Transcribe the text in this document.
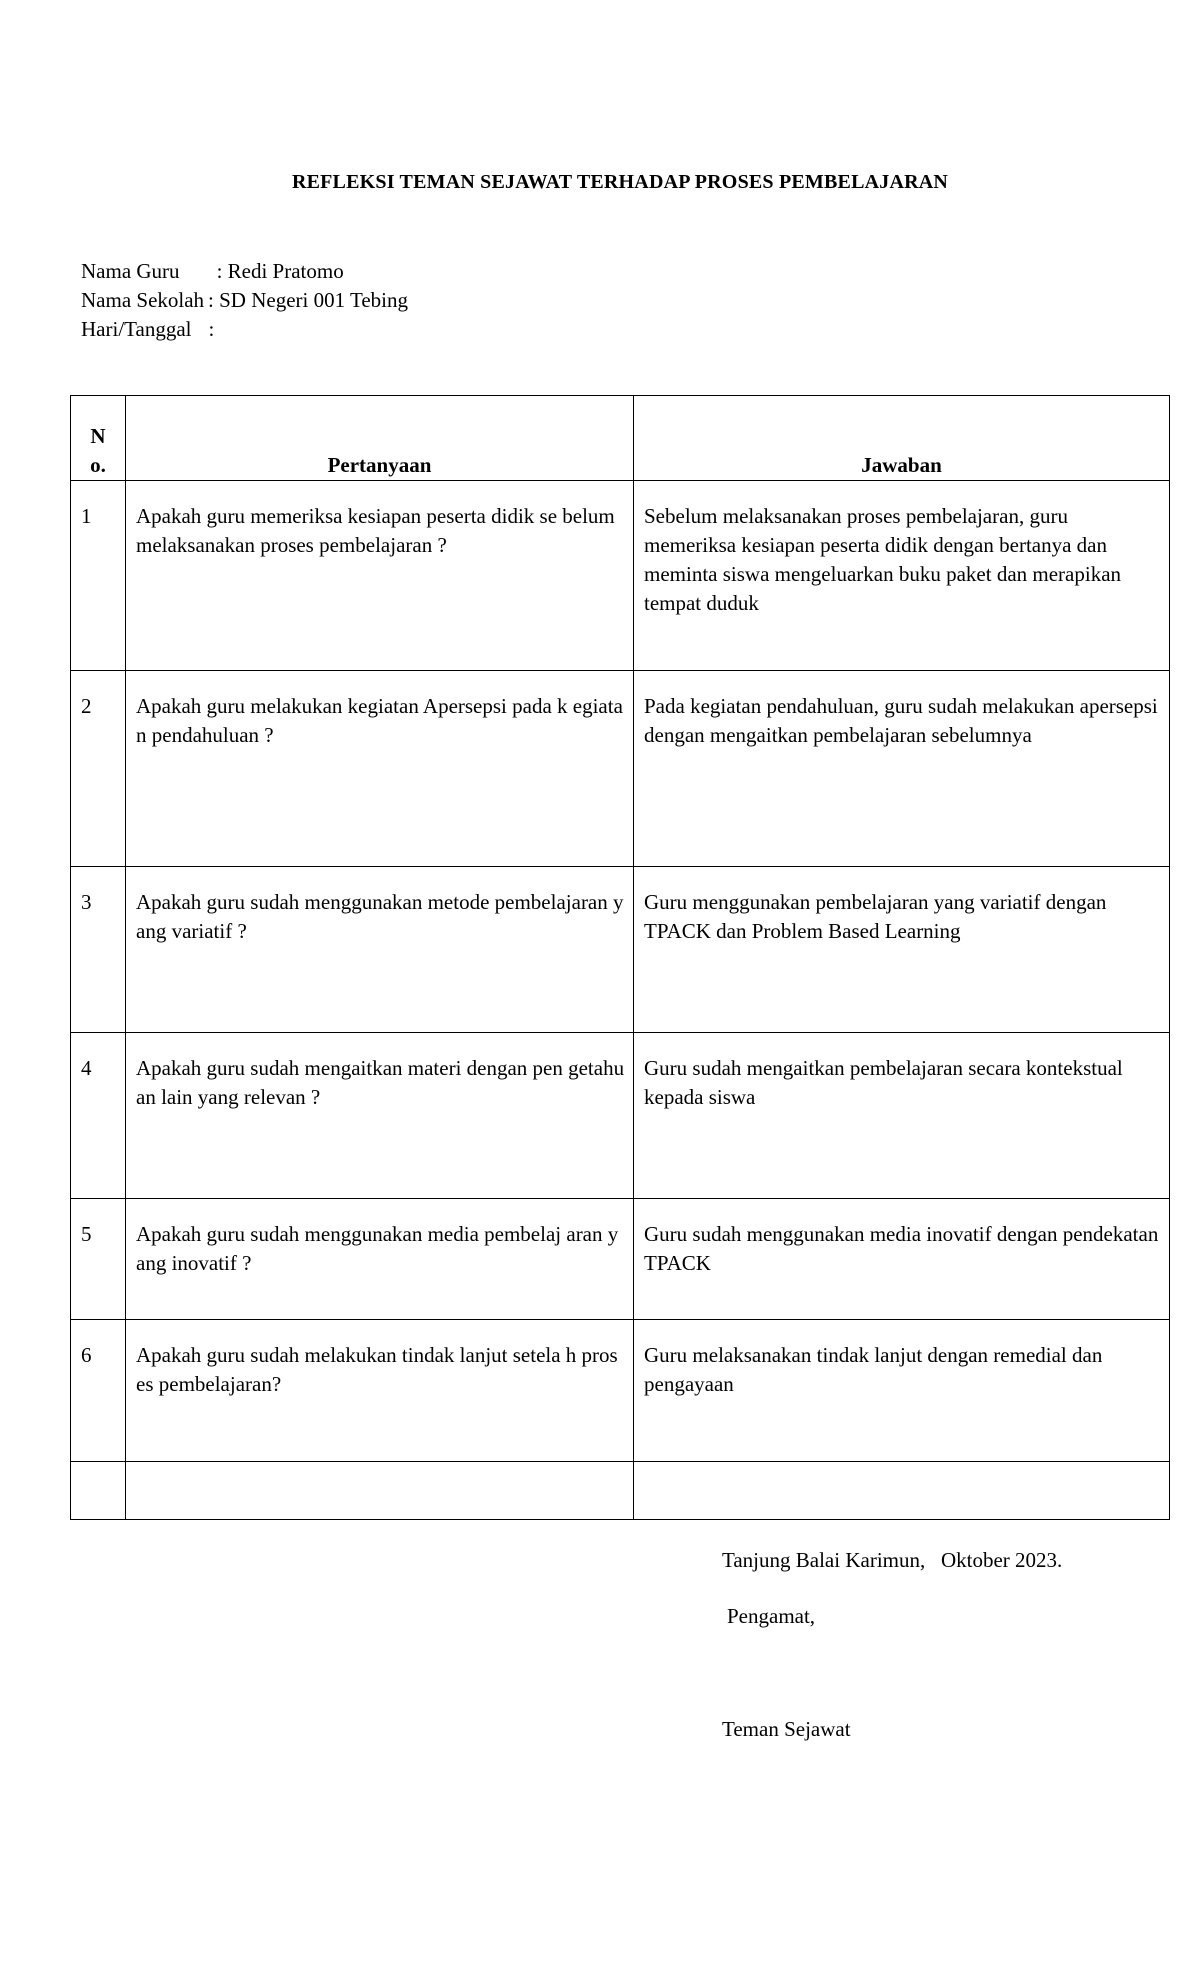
REFLEKSI TEMAN SEJAWAT TERHADAP PROSES PEMBELAJARAN
Nama Guru : Redi Pratomo
Nama Sekolah : SD Negeri 001 Tebing
Hari/Tanggal :
N
o.	Pertanyaan	Jawaban
1	Apakah guru memeriksa kesiapan peserta didik se belum melaksanakan proses pembelajaran ?	Sebelum melaksanakan proses pembelajaran, guru memeriksa kesiapan peserta didik dengan bertanya dan meminta siswa mengeluarkan buku paket dan merapikan tempat duduk
2	Apakah guru melakukan kegiatan Apersepsi pada k egiatan pendahuluan ?	Pada kegiatan pendahuluan, guru sudah melakukan apersepsi dengan mengaitkan pembelajaran sebelumnya
3	Apakah guru sudah menggunakan metode pembelajaran yang variatif ?	Guru menggunakan pembelajaran yang variatif dengan TPACK dan Problem Based Learning
4	Apakah guru sudah mengaitkan materi dengan pen getahuan lain yang relevan ?	Guru sudah mengaitkan pembelajaran secara kontekstual kepada siswa
5	Apakah guru sudah menggunakan media pembelaj aran yang inovatif ?	Guru sudah menggunakan media inovatif dengan pendekatan TPACK
6	Apakah guru sudah melakukan tindak lanjut setela h proses pembelajaran?	Guru melaksanakan tindak lanjut dengan remedial dan pengayaan

Tanjung Balai Karimun,   Oktober 2023.
Pengamat,
Teman Sejawat
